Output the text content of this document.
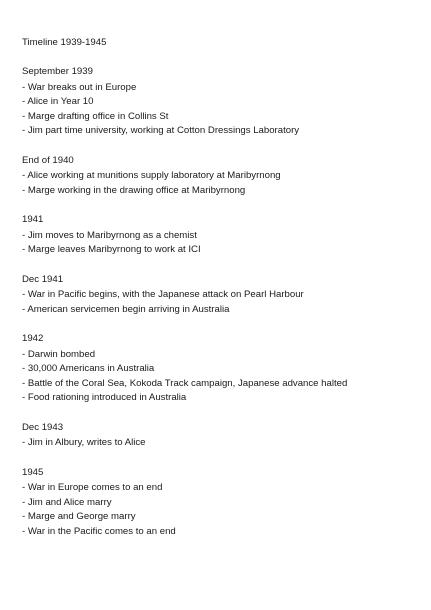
Timeline 1939-1945
September 1939
- War breaks out in Europe
- Alice in Year 10
- Marge drafting office in Collins St
- Jim part time university, working at Cotton Dressings Laboratory
End of 1940
- Alice working at munitions supply laboratory at Maribyrnong
- Marge working in the drawing office at Maribyrnong
1941
- Jim moves to Maribyrnong as a chemist
- Marge leaves Maribyrnong to work at ICI
Dec 1941
- War in Pacific begins, with the Japanese attack on Pearl Harbour
- American servicemen begin arriving in Australia
1942
- Darwin bombed
- 30,000 Americans in Australia
- Battle of the Coral Sea, Kokoda Track campaign, Japanese advance halted
- Food rationing introduced in Australia
Dec 1943
- Jim in Albury, writes to Alice
1945
- War in Europe comes to an end
- Jim and Alice marry
- Marge and George marry
- War in the Pacific comes to an end
